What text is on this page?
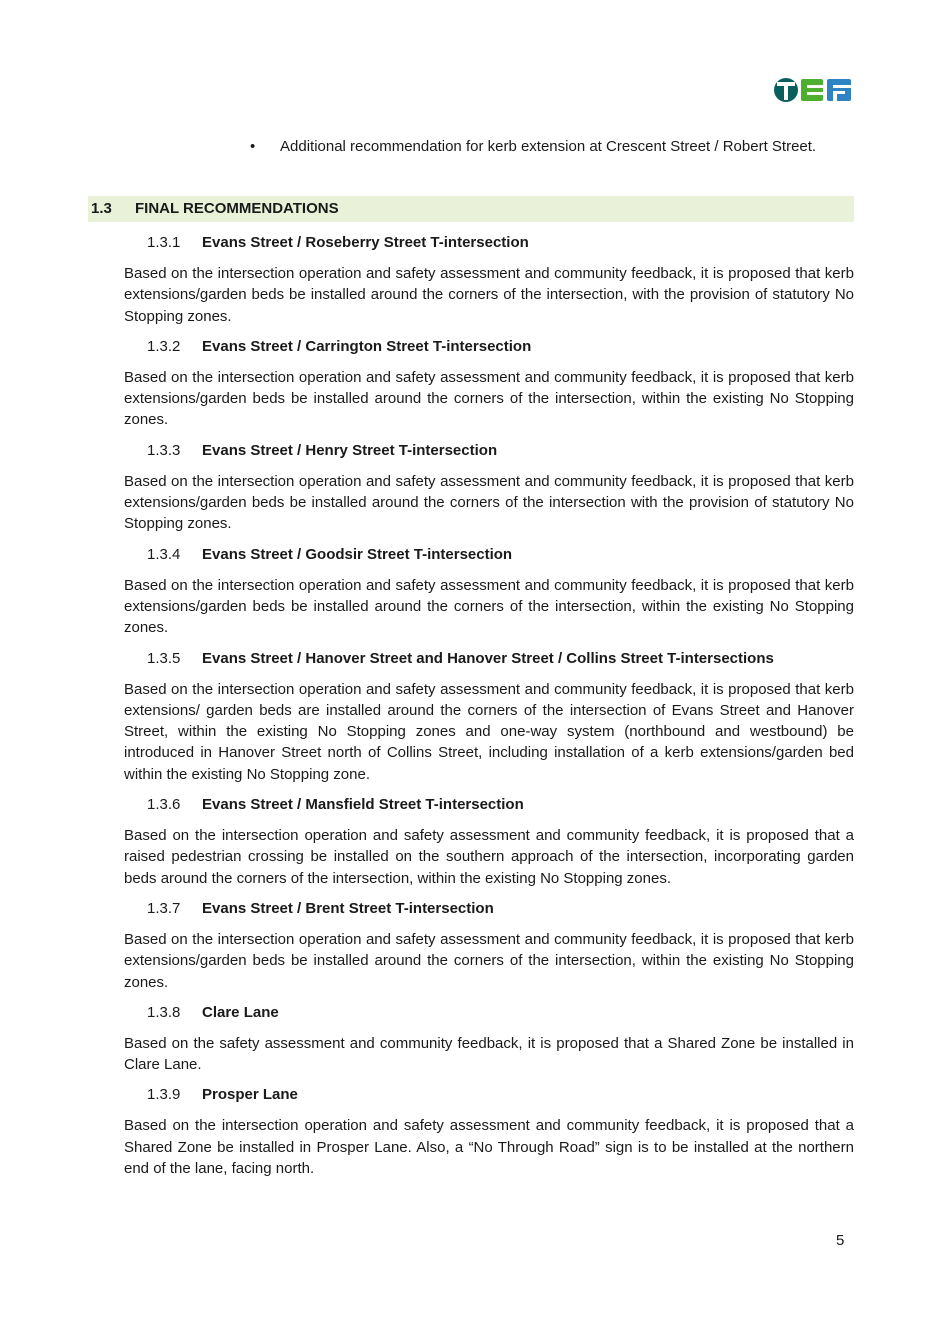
•	Additional recommendation for kerb extension at Crescent Street / Robert Street.
1.3	FINAL RECOMMENDATIONS
1.3.1	Evans Street / Roseberry Street T-intersection

Based on the intersection operation and safety assessment and community feedback, it is proposed that kerb extensions/garden beds be installed around the corners of the intersection, with the provision of statutory No Stopping zones.

1.3.2	Evans Street / Carrington Street T-intersection

Based on the intersection operation and safety assessment and community feedback, it is proposed that kerb extensions/garden beds be installed around the corners of the intersection, within the existing No Stopping zones.

1.3.3	Evans Street / Henry Street T-intersection

Based on the intersection operation and safety assessment and community feedback, it is proposed that kerb extensions/garden beds be installed around the corners of the intersection with the provision of statutory No Stopping zones.

1.3.4	Evans Street / Goodsir Street T-intersection

Based on the intersection operation and safety assessment and community feedback, it is proposed that kerb extensions/garden beds be installed around the corners of the intersection, within the existing No Stopping zones.

1.3.5	Evans Street / Hanover Street and Hanover Street / Collins Street T-intersections

Based on the intersection operation and safety assessment and community feedback, it is proposed that kerb extensions/ garden beds are installed around the corners of the intersection of Evans Street and Hanover Street, within the existing No Stopping zones and one-way system (northbound and westbound) be introduced in Hanover Street north of Collins Street, including installation of a kerb extensions/garden bed within the existing No Stopping zone.

1.3.6	Evans Street / Mansfield Street T-intersection

Based on the intersection operation and safety assessment and community feedback, it is proposed that a raised pedestrian crossing be installed on the southern approach of the intersection, incorporating garden beds around the corners of the intersection, within the existing No Stopping zones.

1.3.7	Evans Street / Brent Street T-intersection

Based on the intersection operation and safety assessment and community feedback, it is proposed that kerb extensions/garden beds be installed around the corners of the intersection, within the existing No Stopping zones.

1.3.8	Clare Lane

Based on the safety assessment and community feedback, it is proposed that a Shared Zone be installed in Clare Lane.

1.3.9	Prosper Lane

Based on the intersection operation and safety assessment and community feedback, it is proposed that a Shared Zone be installed in Prosper Lane. Also, a “No Through Road” sign is to be installed at the northern end of the lane, facing north.

5
